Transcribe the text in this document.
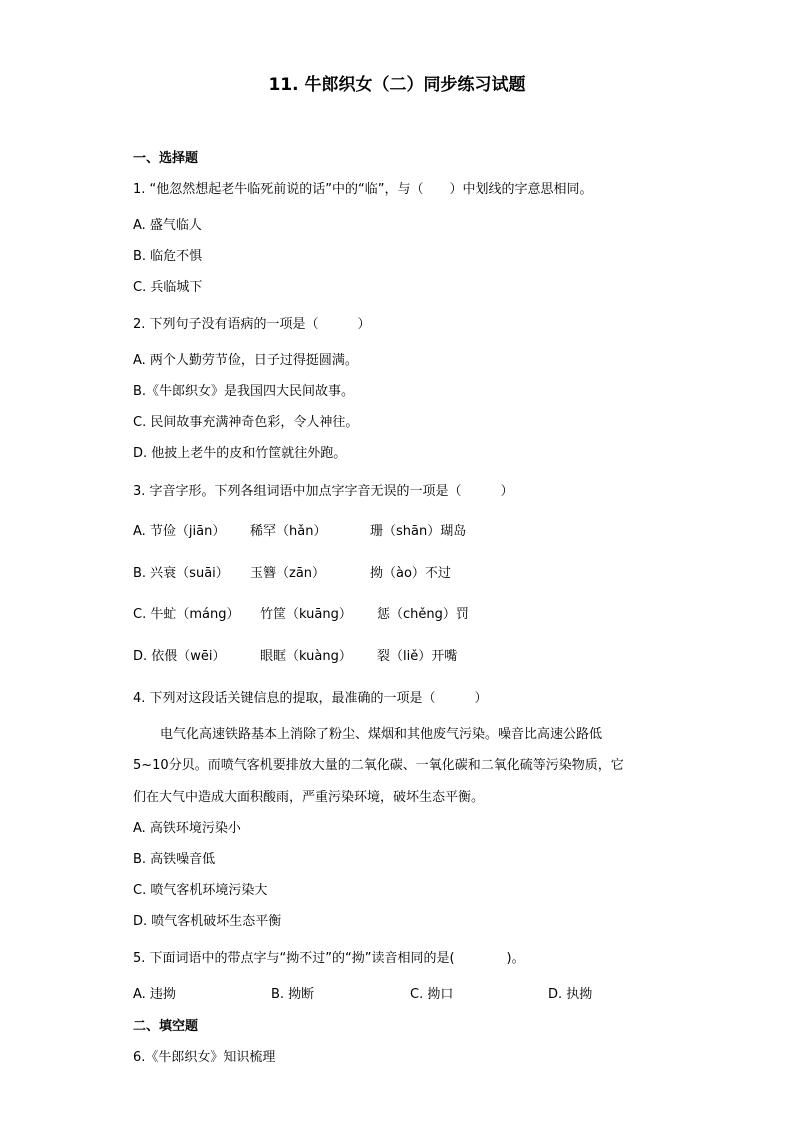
11. 牛郎织女（二）同步练习试题
一、选择题
1. “他忽然想起老牛临死前说的话”中的“临”，与（　　）中划线的字意思相同。
A. 盛气临人
B. 临危不惧
C. 兵临城下
2. 下列句子没有语病的一项是（　　　）
A. 两个人勤劳节俭，日子过得挺圆满。
B.《牛郎织女》是我国四大民间故事。
C. 民间故事充满神奇色彩，令人神往。
D. 他披上老牛的皮和竹筐就往外跑。
3. 字音字形。下列各组词语中加点字字音无误的一项是（　　　）
A. 节俭（jiān） 稀罕（hǎn）	珊（shān）瑚岛
B. 兴衰（suāi） 玉簪（zān）	拗（ào）不过
C. 牛虻（máng） 竹筐（kuāng） 惩（chěng）罚
D. 依偎（wēi）	眼眶（kuàng） 裂（liě）开嘴
4. 下列对这段话关键信息的提取，最准确的一项是（　　　）
电气化高速铁路基本上消除了粉尘、煤烟和其他废气污染。噪音比高速公路低
5~10分贝。而喷气客机要排放大量的二氧化碳、一氧化碳和二氧化硫等污染物质，它
们在大气中造成大面积酸雨，严重污染环境，破坏生态平衡。
A. 高铁环境污染小
B. 高铁噪音低
C. 喷气客机环境污染大
D. 喷气客机破坏生态平衡
5. 下面词语中的带点字与“拗不过”的“拗”读音相同的是(　　　　)。
A. 违拗	B. 拗断	C. 拗口	D. 执拗
二、填空题
6.《牛郎织女》知识梳理
